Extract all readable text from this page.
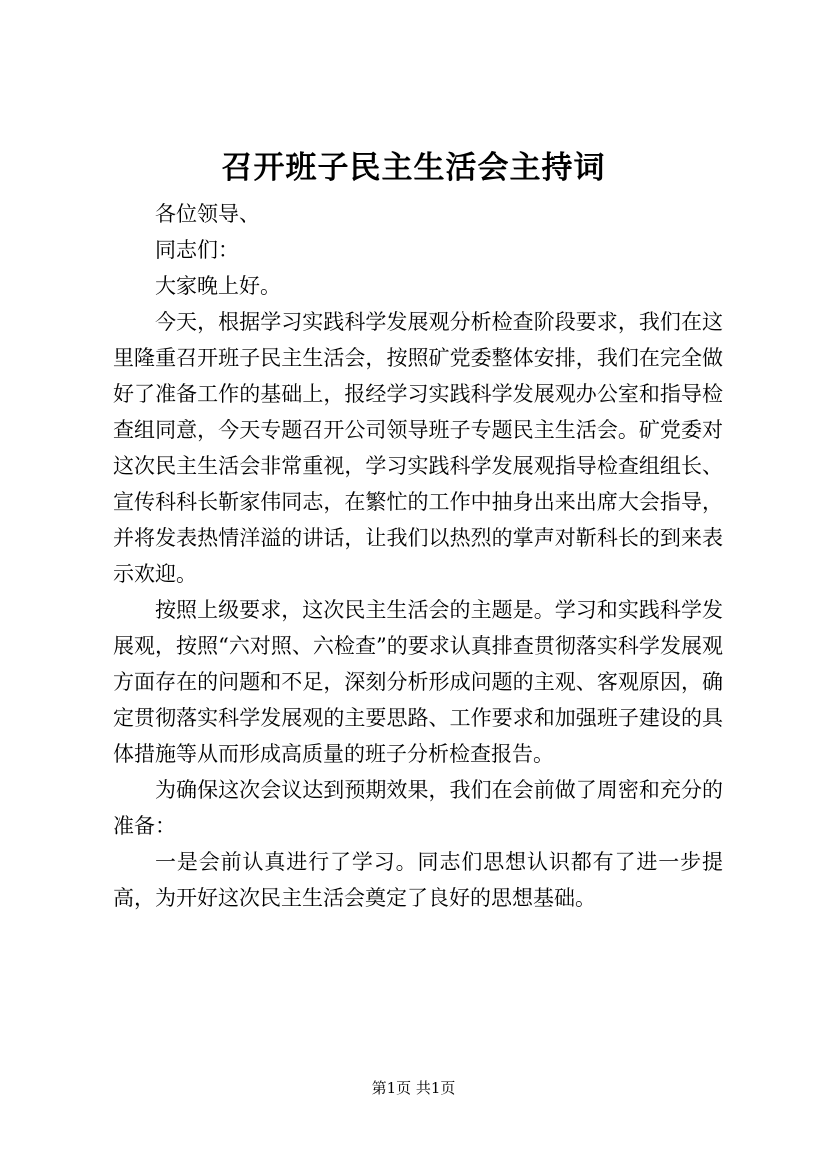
召开班子民主生活会主持词

各位领导、

同志们：

大家晚上好。

今天，根据学习实践科学发展观分析检查阶段要求，我们在这里隆重召开班子民主生活会，按照矿党委整体安排，我们在完全做好了准备工作的基础上，报经学习实践科学发展观办公室和指导检查组同意，今天专题召开公司领导班子专题民主生活会。矿党委对这次民主生活会非常重视，学习实践科学发展观指导检查组组长、宣传科科长靳家伟同志，在繁忙的工作中抽身出来出席大会指导，并将发表热情洋溢的讲话，让我们以热烈的掌声对靳科长的到来表示欢迎。

按照上级要求，这次民主生活会的主题是。学习和实践科学发展观，按照“六对照、六检查”的要求认真排查贯彻落实科学发展观方面存在的问题和不足，深刻分析形成问题的主观、客观原因，确定贯彻落实科学发展观的主要思路、工作要求和加强班子建设的具体措施等从而形成高质量的班子分析检查报告。

为确保这次会议达到预期效果，我们在会前做了周密和充分的准备：

一是会前认真进行了学习。同志们思想认识都有了进一步提高，为开好这次民主生活会奠定了良好的思想基础。

第1页 共1页
